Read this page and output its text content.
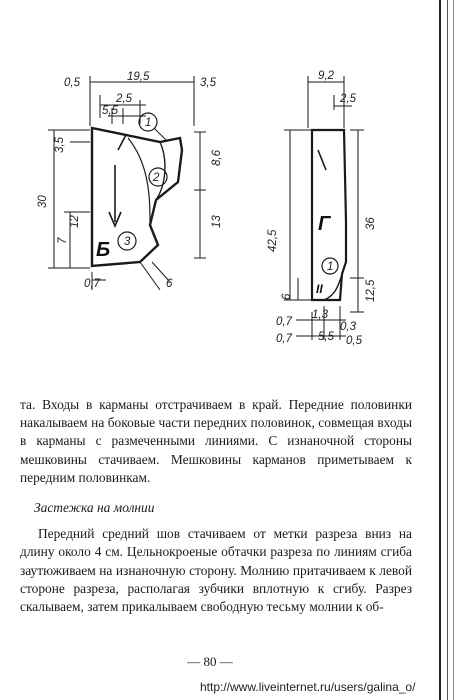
Б
1
2
3
0,5	19,5	3,5
2,5
5,5
3,5
8,6
13
30
7
12
0,7	6
Г
II
1
9,2
2,5
36
42,5
6	12,5
0,7
0,7
1,3
0,3
5,5 0,5

та. Входы в карманы отстрачиваем в край. Передние половинки накалываем на боковые части передних половинок, совмещая входы в карманы с размеченными линиями. С изнаночной стороны мешковины стачиваем. Мешковины карманов приметываем к передним половинкам.

Застежка на молнии

Передний средний шов стачиваем от метки разреза вниз на длину около 4 см. Цельнокроеные обтачки разреза по линиям сгиба заутюживаем на изнаночную сторону. Молнию притачиваем к левой стороне разреза, располагая зубчики вплотную к сгибу. Разрез скалываем, затем прикалываем свободную тесьму молнии к об-

— 80 —
http://www.liveinternet.ru/users/galina_o/
